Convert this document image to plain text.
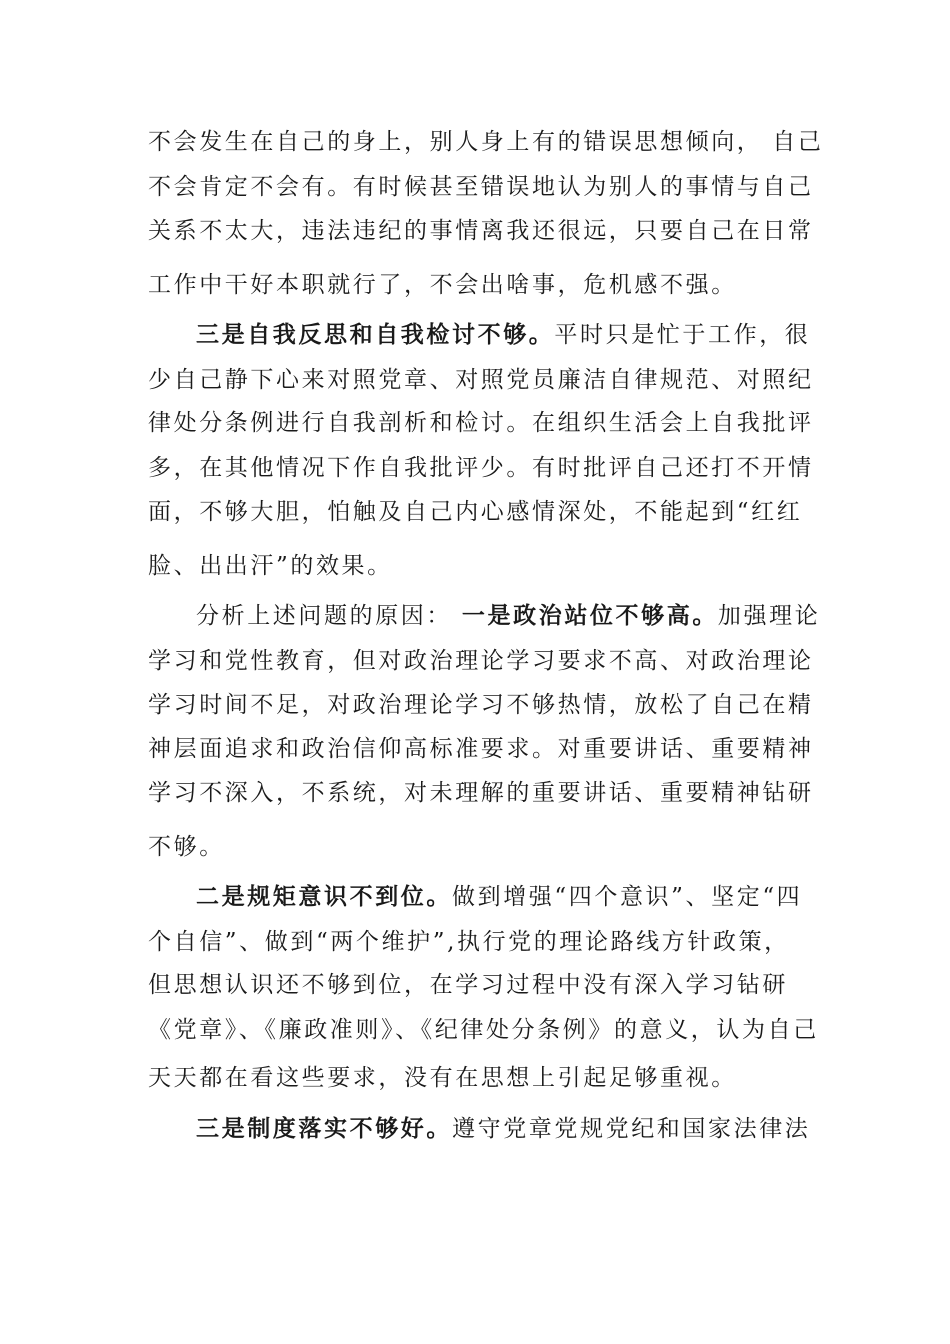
不会发生在自己的身上，别人身上有的错误思想倾向， 自己
不会肯定不会有。有时候甚至错误地认为别人的事情与自己
关系不太大，违法违纪的事情离我还很远，只要自己在日常
工作中干好本职就行了，不会出啥事，危机感不强。
三是自我反思和自我检讨不够。平时只是忙于工作，很
少自己静下心来对照党章、对照党员廉洁自律规范、对照纪
律处分条例进行自我剖析和检讨。在组织生活会上自我批评
多，在其他情况下作自我批评少。有时批评自己还打不开情
面，不够大胆，怕触及自己内心感情深处，不能起到“红红
脸、出出汗”的效果。
分析上述问题的原因： 一是政治站位不够高。加强理论
学习和党性教育，但对政治理论学习要求不高、对政治理论
学习时间不足，对政治理论学习不够热情，放松了自己在精
神层面追求和政治信仰高标准要求。对重要讲话、重要精神
学习不深入，不系统，对未理解的重要讲话、重要精神钻研
不够。
二是规矩意识不到位。做到增强“四个意识”、坚定“四
个自信”、做到“两个维护”,执行党的理论路线方针政策，
但思想认识还不够到位，在学习过程中没有深入学习钻研
《党章》、《廉政准则》、《纪律处分条例》的意义，认为自己
天天都在看这些要求，没有在思想上引起足够重视。
三是制度落实不够好。遵守党章党规党纪和国家法律法
